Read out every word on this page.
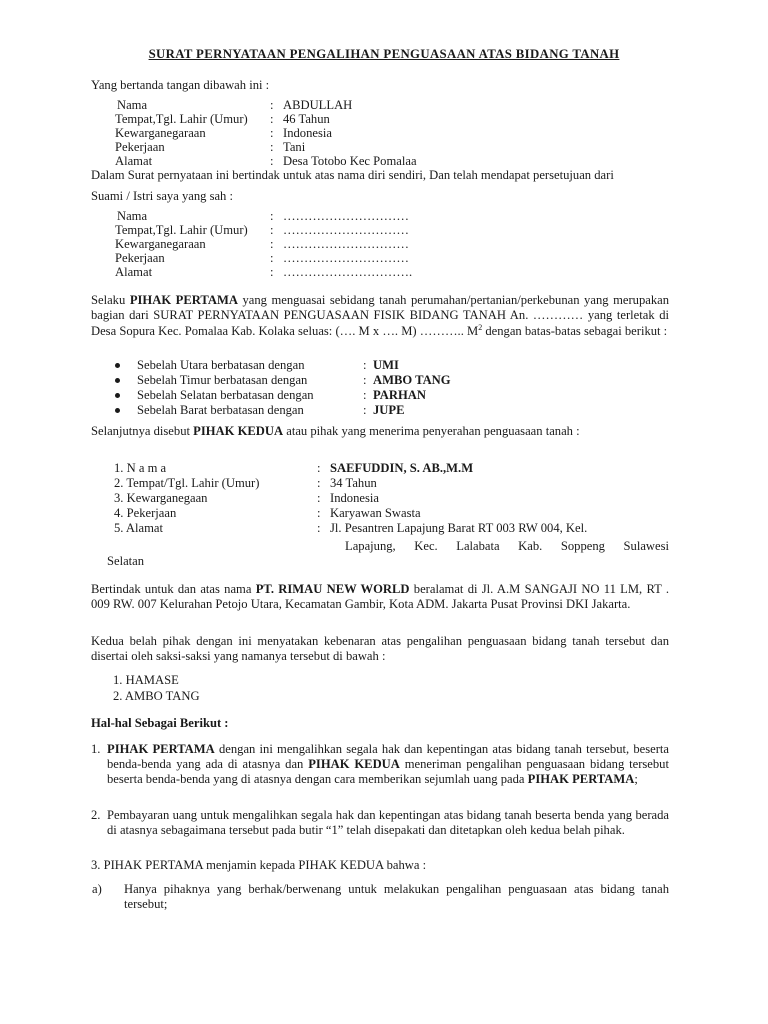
SURAT PERNYATAAN PENGALIHAN PENGUASAAN ATAS BIDANG TANAH
Yang bertanda tangan dibawah ini :
Nama	: ABDULLAH
Tempat,Tgl. Lahir (Umur) : 46 Tahun
Kewarganegaraan	: Indonesia
Pekerjaan	: Tani
Alamat	: Desa Totobo Kec Pomalaa
Dalam Surat pernyataan ini bertindak untuk atas nama diri sendiri, Dan telah mendapat persetujuan dari
Suami / Istri saya yang sah :
Nama	: …………………………
Tempat,Tgl. Lahir (Umur) : …………………………
Kewarganegaraan	: …………………………
Pekerjaan	: …………………………
Alamat	: ………………………….
Selaku PIHAK PERTAMA yang menguasai sebidang tanah perumahan/pertanian/perkebunan yang merupakan bagian dari SURAT PERNYATAAN PENGUASAAN FISIK BIDANG TANAH An. ………… yang terletak di Desa Sopura Kec. Pomalaa Kab. Kolaka seluas: (…. M x …. M) ……….. $M^2$ dengan batas-batas sebagai berikut :
Sebelah Utara berbatasan dengan	: UMI
Sebelah Timur berbatasan dengan	: AMBO TANG
Sebelah Selatan berbatasan dengan	: PARHAN
Sebelah Barat berbatasan dengan	: JUPE
Selanjutnya disebut PIHAK KEDUA atau pihak yang menerima penyerahan penguasaan tanah :
1. N a m a	: SAEFUDDIN, S. AB.,M.M
2. Tempat/Tgl. Lahir (Umur)	: 34 Tahun
3. Kewarganegaan	: Indonesia
4. Pekerjaan	: Karyawan Swasta
5. Alamat	: Jl. Pesantren Lapajung Barat RT 003 RW 004, Kel.
Lapajung, Kec. Lalabata Kab. Soppeng Sulawesi
Selatan
Bertindak untuk dan atas nama PT. RIMAU NEW WORLD beralamat di Jl. A.M SANGAJI NO 11 LM, RT . 009 RW. 007 Kelurahan Petojo Utara, Kecamatan Gambir, Kota ADM. Jakarta Pusat Provinsi DKI Jakarta.
Kedua belah pihak dengan ini menyatakan kebenaran atas pengalihan penguasaan bidang tanah tersebut dan disertai oleh saksi-saksi yang namanya tersebut di bawah :
1. HAMASE
2. AMBO TANG
Hal-hal Sebagai Berikut :
1. PIHAK PERTAMA dengan ini mengalihkan segala hak dan kepentingan atas bidang tanah tersebut, beserta benda-benda yang ada di atasnya dan PIHAK KEDUA meneriman pengalihan penguasaan bidang tersebut beserta benda-benda yang di atasnya dengan cara memberikan sejumlah uang pada PIHAK PERTAMA;
2. Pembayaran uang untuk mengalihkan segala hak dan kepentingan atas bidang tanah beserta benda yang berada di atasnya sebagaimana tersebut pada butir “1” telah disepakati dan ditetapkan oleh kedua belah pihak.
3. PIHAK PERTAMA menjamin kepada PIHAK KEDUA bahwa :
a) Hanya pihaknya yang berhak/berwenang untuk melakukan pengalihan penguasaan atas bidang tanah tersebut;
